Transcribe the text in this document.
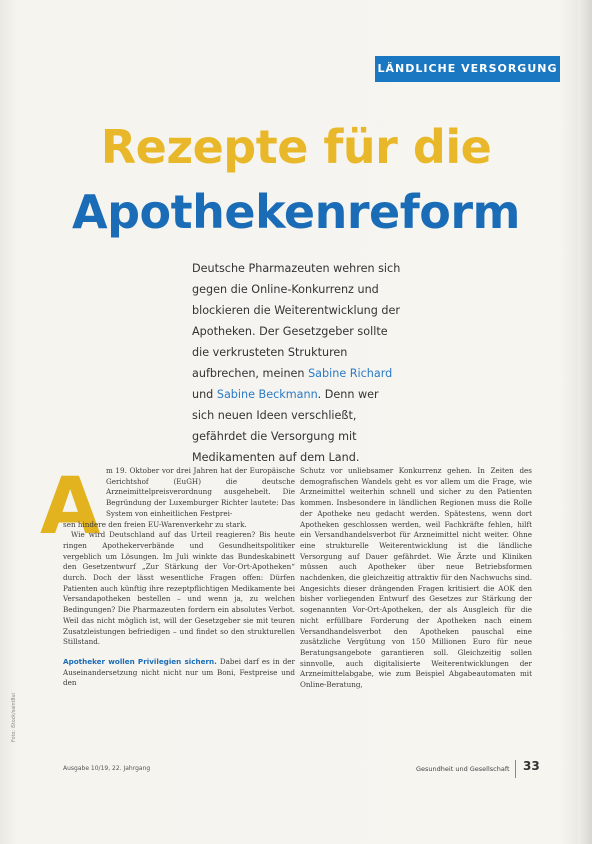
LÄNDLICHE VERSORGUNG
Rezepte für die
Apothekenreform

Deutsche Pharmazeuten wehren sich gegen die Online-Konkurrenz und blockieren die Weiterentwicklung der Apotheken. Der Gesetzgeber sollte die verkrusteten Strukturen aufbrechen, meinen Sabine Richard und Sabine Beckmann. Denn wer sich neuen Ideen verschließt, gefährdet die Versorgung mit Medikamenten auf dem Land.

A m 19. Oktober vor drei Jahren hat der Europäische Gerichtshof (EuGH) die deutsche Arzneimittelpreisverordnung ausgehebelt. Die Begründung der Luxemburger Richter lautete: Das System von einheitlichen Festprei-

sen hindere den freien EU-Warenverkehr zu stark.

Wie wird Deutschland auf das Urteil reagieren? Bis heute ringen Apothekerverbände und Gesundheitspolitiker vergeblich um Lösungen. Im Juli winkte das Bundeskabinett den Gesetzentwurf „Zur Stärkung der Vor-Ort-Apotheken“ durch. Doch der lässt wesentliche Fragen offen: Dürfen Patienten auch künftig ihre rezeptpflichtigen Medikamente bei Versandapotheken bestellen – und wenn ja, zu welchen Bedingungen? Die Pharmazeuten fordern ein absolutes Verbot. Weil das nicht möglich ist, will der Gesetzgeber sie mit teuren Zusatzleistungen befriedigen – und findet so den strukturellen Stillstand.

Apotheker wollen Privilegien sichern. Dabei darf es in der Auseinandersetzung nicht nicht nur um Boni, Festpreise und den

Schutz vor unliebsamer Konkurrenz gehen. In Zeiten des demografischen Wandels geht es vor allem um die Frage, wie Arzneimittel weiterhin schnell und sicher zu den Patienten kommen. Insbesondere in ländlichen Regionen muss die Rolle der Apotheke neu gedacht werden. Spätestens, wenn dort Apotheken geschlossen werden, weil Fachkräfte fehlen, hilft ein Versandhandelsverbot für Arzneimittel nicht weiter. Ohne eine strukturelle Weiterentwicklung ist die ländliche Versorgung auf Dauer gefährdet. Wie Ärzte und Kliniken müssen auch Apotheker über neue Betriebsformen nachdenken, die gleichzeitig attraktiv für den Nachwuchs sind. Angesichts dieser drängenden Fragen kritisiert die AOK den bisher vorliegenden Entwurf des Gesetzes zur Stärkung der sogenannten Vor-Ort-Apotheken, der als Ausgleich für die nicht erfüllbare Forderung der Apotheken nach einem Versandhandelsverbot den Apotheken pauschal eine zusätzliche Vergütung von 150 Millionen Euro für neue Beratungsangebote garantieren soll. Gleichzeitig sollen sinnvolle, auch digitalisierte Weiterentwicklungen der Arzneimittelabgabe, wie zum Beispiel Abgabeautomaten mit Online-Beratung,

Foto: iStock/saint8ui
Ausgabe 10/19, 22. Jahrgang	Gesundheit und Gesellschaft 33
